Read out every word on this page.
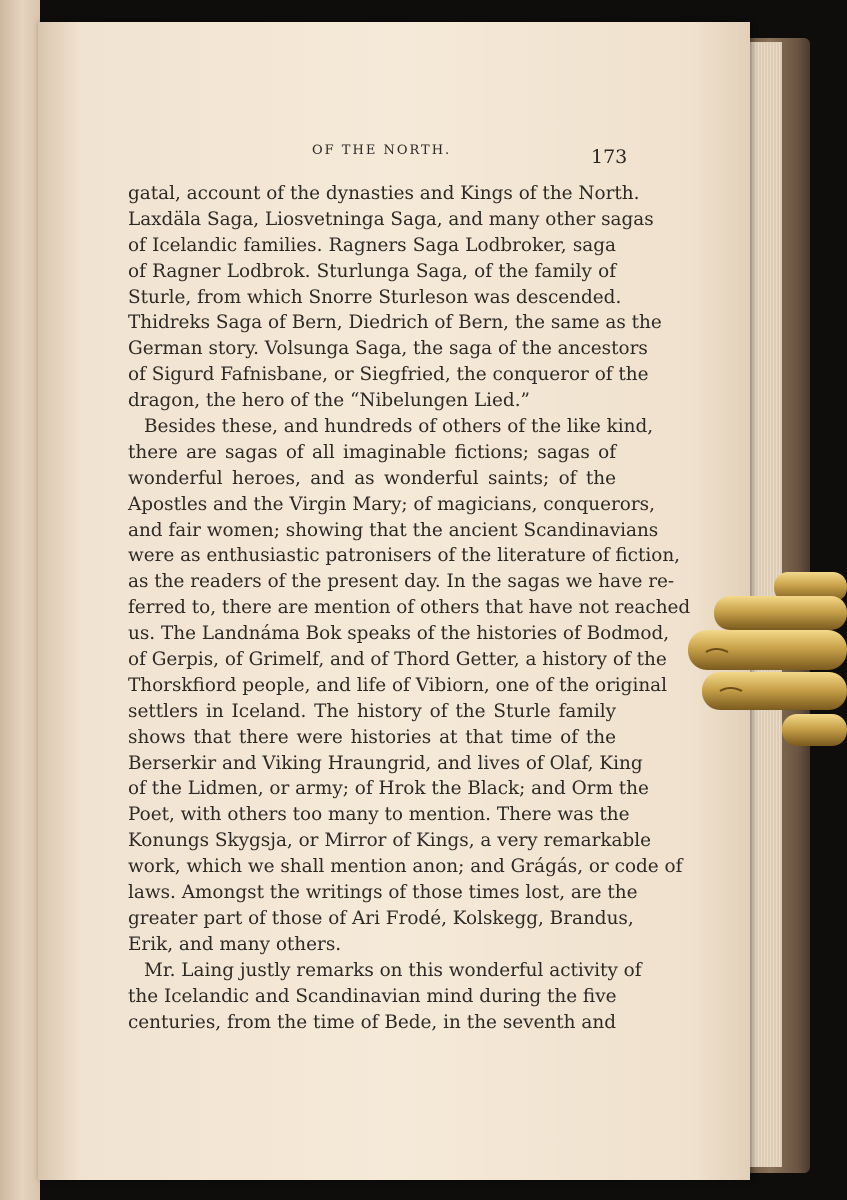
OF THE NORTH.	173
gatal, account of the dynasties and Kings of the North.
Laxdäla Saga, Liosvetninga Saga, and many other sagas
of Icelandic families. Ragners Saga Lodbroker, saga
of Ragner Lodbrok. Sturlunga Saga, of the family of
Sturle, from which Snorre Sturleson was descended.
Thidreks Saga of Bern, Diedrich of Bern, the same as the
German story. Volsunga Saga, the saga of the ancestors
of Sigurd Fafnisbane, or Siegfried, the conqueror of the
dragon, the hero of the “Nibelungen Lied.”
Besides these, and hundreds of others of the like kind,
there are sagas of all imaginable fictions; sagas of
wonderful heroes, and as wonderful saints; of the
Apostles and the Virgin Mary; of magicians, conquerors,
and fair women; showing that the ancient Scandinavians
were as enthusiastic patronisers of the literature of fiction,
as the readers of the present day. In the sagas we have re-
ferred to, there are mention of others that have not reached
us. The Landnáma Bok speaks of the histories of Bodmod,
of Gerpis, of Grimelf, and of Thord Getter, a history of the
Thorskfiord people, and life of Vibiorn, one of the original
settlers in Iceland. The history of the Sturle family
shows that there were histories at that time of the
Berserkir and Viking Hraungrid, and lives of Olaf, King
of the Lidmen, or army; of Hrok the Black; and Orm the
Poet, with others too many to mention. There was the
Konungs Skygsja, or Mirror of Kings, a very remarkable
work, which we shall mention anon; and Grágás, or code of
laws. Amongst the writings of those times lost, are the
greater part of those of Ari Frodé, Kolskegg, Brandus,
Erik, and many others.
Mr. Laing justly remarks on this wonderful activity of
the Icelandic and Scandinavian mind during the five
centuries, from the time of Bede, in the seventh and
